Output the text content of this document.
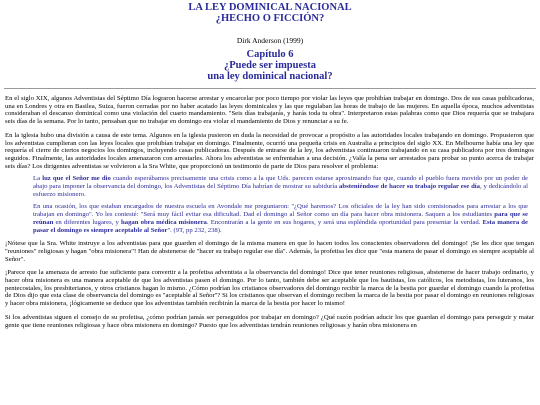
LA LEY DOMINICAL NACIONAL
¿HECHO O FICCIÓN?
Dirk Anderson (1999)
Capítulo 6
¿Puede ser impuesta
una ley dominical nacional?

En el siglo XIX, algunos Adventistas del Séptimo Día lograron hacerse arrestar y encarcelar por poco tiempo por violar las leyes que prohibían trabajar en domingo. Dos de sus casas publicadoras, una en Londres y otra en Basilea, Suiza, fueron cerradas por no haber acatado las leyes dominicales y las que regulaban las horas de trabajo de las mujeres. En aquella época, muchos adventistas consideraban el descanso dominical como una violación del cuarto mandamiento. "Seis días trabajarás, y harás toda tu obra". Interpretaron estas palabras como que Dios requería que se trabajara seis días de la semana. Por lo tanto, pensaban que no trabajar en domingo era violar el mandamiento de Dios y renunciar a su fe.

En la iglesia hubo una división a causa de este tema. Algunos en la iglesia pusieron en duda la necesidad de provocar a propósito a las autoridades locales trabajando en domingo. Propusieron que los adventistas cumplieran con las leyes locales que prohibían trabajar en domingo. Finalmente, ocurrió una pequeña crisis en Australia a principios del siglo XX. En Melbourne había una ley que requería el cierre de ciertos negocios los domingos, incluyendo casas publicadoras. Después de entrarse de la ley, los adventistas continuaron trabajando en su casa publicadora por tres domingos seguidos. Finalmente, las autoridades locales amenazaron con arrestarles. Ahora los adventistas se enfrentaban a una decisión. ¿Valía la pena ser arrestados para probar su punto acerca de trabajar seis días? Los dirigentes adventistas se volvieron a la Sra White, que proporcionó un testimonio de parte de Dios para resolver el problema:

La luz que el Señor me dio cuando esperábamos precisamente una crisis como a la que Uds. parecen estarse aproximando fue que, cuando el pueblo fuera movido por un poder de abajo para imponer la observancia del domingo, los Adventistas del Séptimo Día habrían de mostrar su sabiduría absteniéndose de hacer su trabajo regular ese día, y dedicándolo al esfuerzo misionero.

En una ocasión, los que estaban encargados de nuestra escuela en Avondale me preguntaron: "¿Qué haremos? Los oficiales de la ley han sido comisionados para arrestar a los que trabajan en domingo". Yo les contesté: "Será muy fácil evitar esa dificultad. Dad el domingo al Señor como un día para hacer obra misionera. Saquen a los estudiantes para que se reúnan en diferentes lugares, y hagan obra médica misionera. Encontrarán a la gente en sus hogares, y será una espléndida oportunidad para presentar la verdad. Esta manera de pasar el domingo es siempre aceptable al Señor". (9T, pp 232, 238).

¡Nótese que la Sra. White instruye a los adventistas para que guarden el domingo de la misma manera en que lo hacen todos los conscientes observadores del domingo! ¡Se les dice que tengan "reuniones" religiosas y hagan "obra misionera"! Han de abstenerse de "hacer su trabajo regular ese día". Además, la profetisa les dice que "esta manera de pasar el domingo es siempre aceptable al Señor".

¡Parece que la amenaza de arresto fue suficiente para convertir a la profetisa adventista a la observancia del domingo! Dice que tener reuniones religiosas, abstenerse de hacer trabajo ordinario, y hacer obra misionera es una manera aceptable de que los adventistas pasen el domingo. Por lo tanto, también debe ser aceptable que los bautistas, los católicos, los metodistas, los luteranos, los pentecostales, los presbiterianos, y otros cristianos hagan lo mismo. ¿Cómo podrían los cristianos observadores del domingo recibir la marca de la bestia por guardar el domingo cuando la profetisa de Dios dijo que esta clase de observancia del domingo es "aceptable al Señor"? Si los cristianos que observan el domingo reciben la marca de la bestia por pasar el domingo en reuniones religiosas y hacer obra misionera, ¡lógicamente se deduce que los adventistas también recibirán la marca de la bestia por hacer lo mismo!

Si los adventistas siguen el consejo de su profetisa, ¿cómo podrían jamás ser perseguidos por trabajar en domingo? ¿Qué razón podrían aducir los que guardan el domingo para perseguir y matar gente que tiene reuniones religiosas y hace obra misionera en domingo? Puesto que los adventistas tendrán reuniones religiosas y harán obra misionera en
